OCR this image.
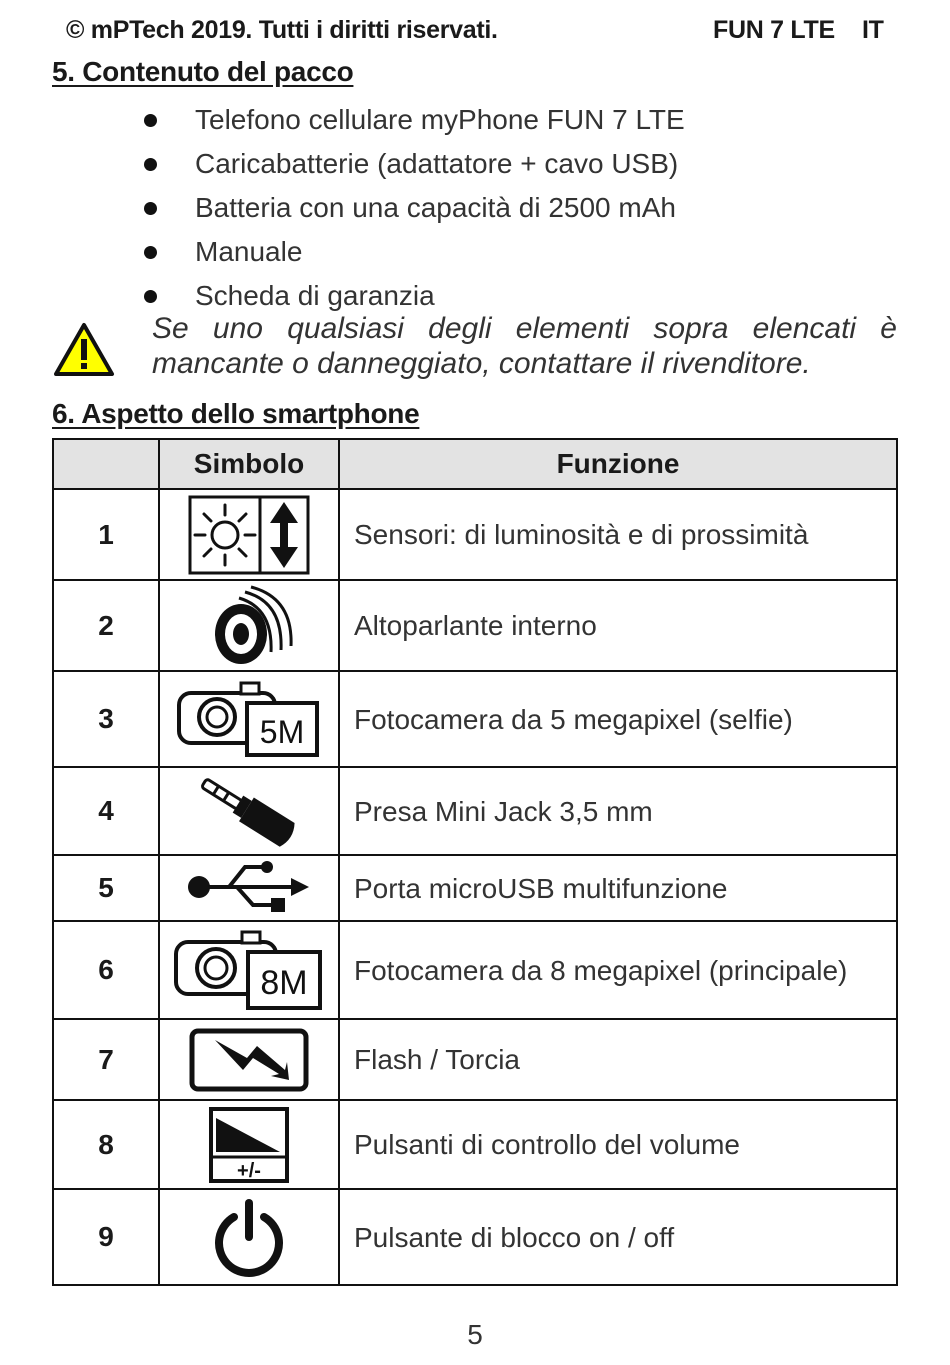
© mPTech 2019. Tutti i diritti riservati.	FUN 7 LTE IT
5. Contenuto del pacco
Telefono cellulare myPhone FUN 7 LTE
Caricabatterie (adattatore + cavo USB)
Batteria con una capacità di 2500 mAh
Manuale
Scheda di garanzia
Se uno qualsiasi degli elementi sopra elencati è mancante o danneggiato, contattare il rivenditore.
6. Aspetto dello smartphone
	Simbolo	Funzione
1		Sensori: di luminosità e di prossimità
2		Altoparlante interno
3	5M	Fotocamera da 5 megapixel (selfie)
4		Presa Mini Jack 3,5 mm
5		Porta microUSB multifunzione
6	8M	Fotocamera da 8 megapixel (principale)
7		Flash / Torcia
8	+/-	Pulsanti di controllo del volume
9		Pulsante di blocco on / off
5
